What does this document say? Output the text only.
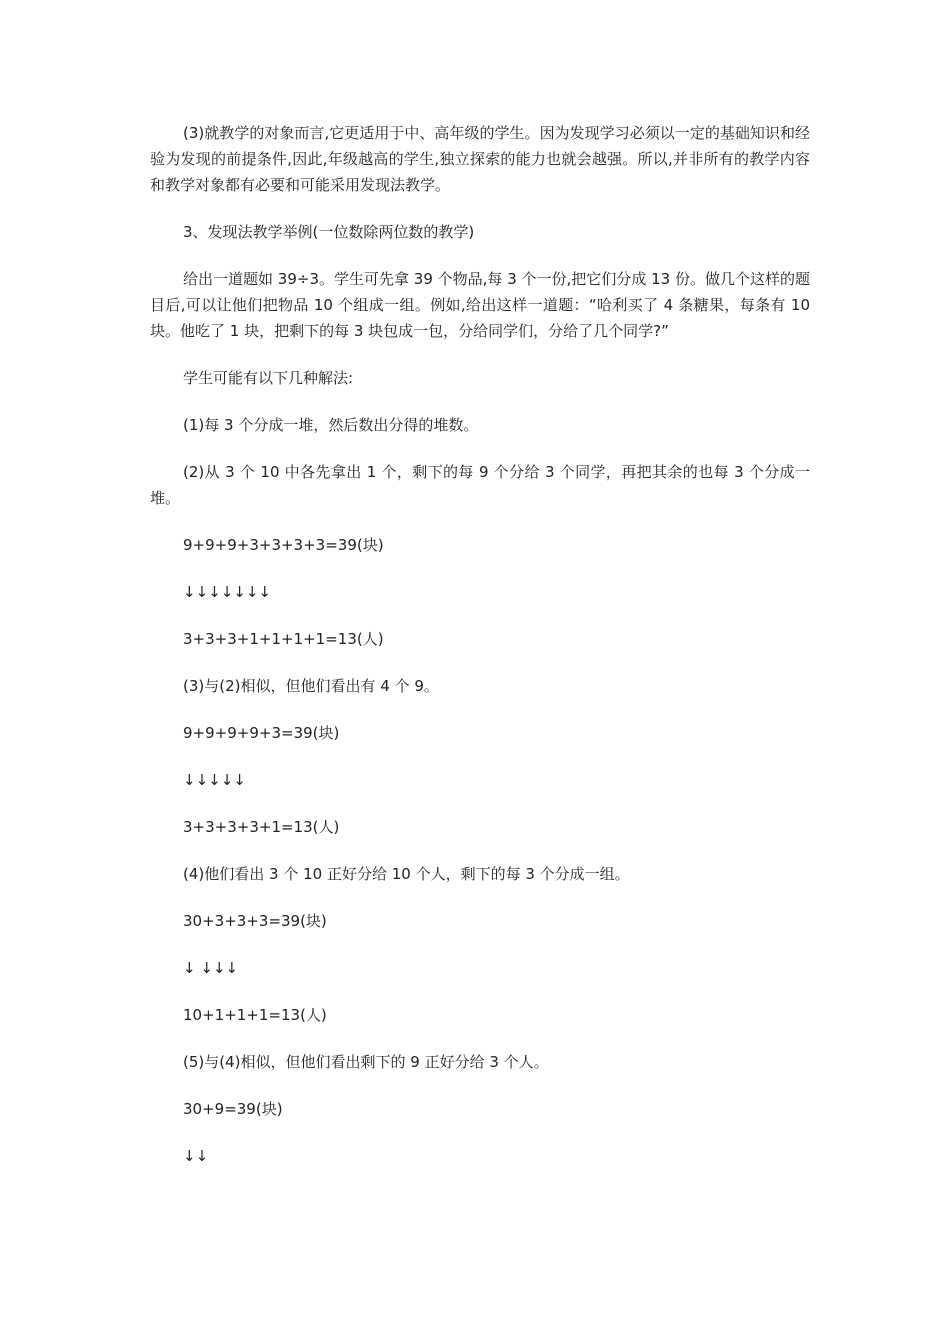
(3)就教学的对象而言,它更适用于中、高年级的学生。因为发现学习必须以一定的基础知识和经验为发现的前提条件,因此,年级越高的学生,独立探索的能力也就会越强。所以,并非所有的教学内容和教学对象都有必要和可能采用发现法教学。

3、发现法教学举例(一位数除两位数的教学)

给出一道题如 39÷3。学生可先拿 39 个物品,每 3 个一份,把它们分成 13 份。做几个这样的题目后,可以让他们把物品 10 个组成一组。例如,给出这样一道题：“哈利买了 4 条糖果，每条有 10 块。他吃了 1 块，把剩下的每 3 块包成一包，分给同学们，分给了几个同学?”

学生可能有以下几种解法:

(1)每 3 个分成一堆，然后数出分得的堆数。

(2)从 3 个 10 中各先拿出 1 个，剩下的每 9 个分给 3 个同学，再把其余的也每 3 个分成一堆。

9+9+9+3+3+3+3=39(块)

↓↓↓↓↓↓↓

3+3+3+1+1+1+1=13(人)

(3)与(2)相似，但他们看出有 4 个 9。

9+9+9+9+3=39(块)

↓↓↓↓↓

3+3+3+3+1=13(人)

(4)他们看出 3 个 10 正好分给 10 个人，剩下的每 3 个分成一组。

30+3+3+3=39(块)

↓ ↓↓↓

10+1+1+1=13(人)

(5)与(4)相似，但他们看出剩下的 9 正好分给 3 个人。

30+9=39(块)

↓↓
